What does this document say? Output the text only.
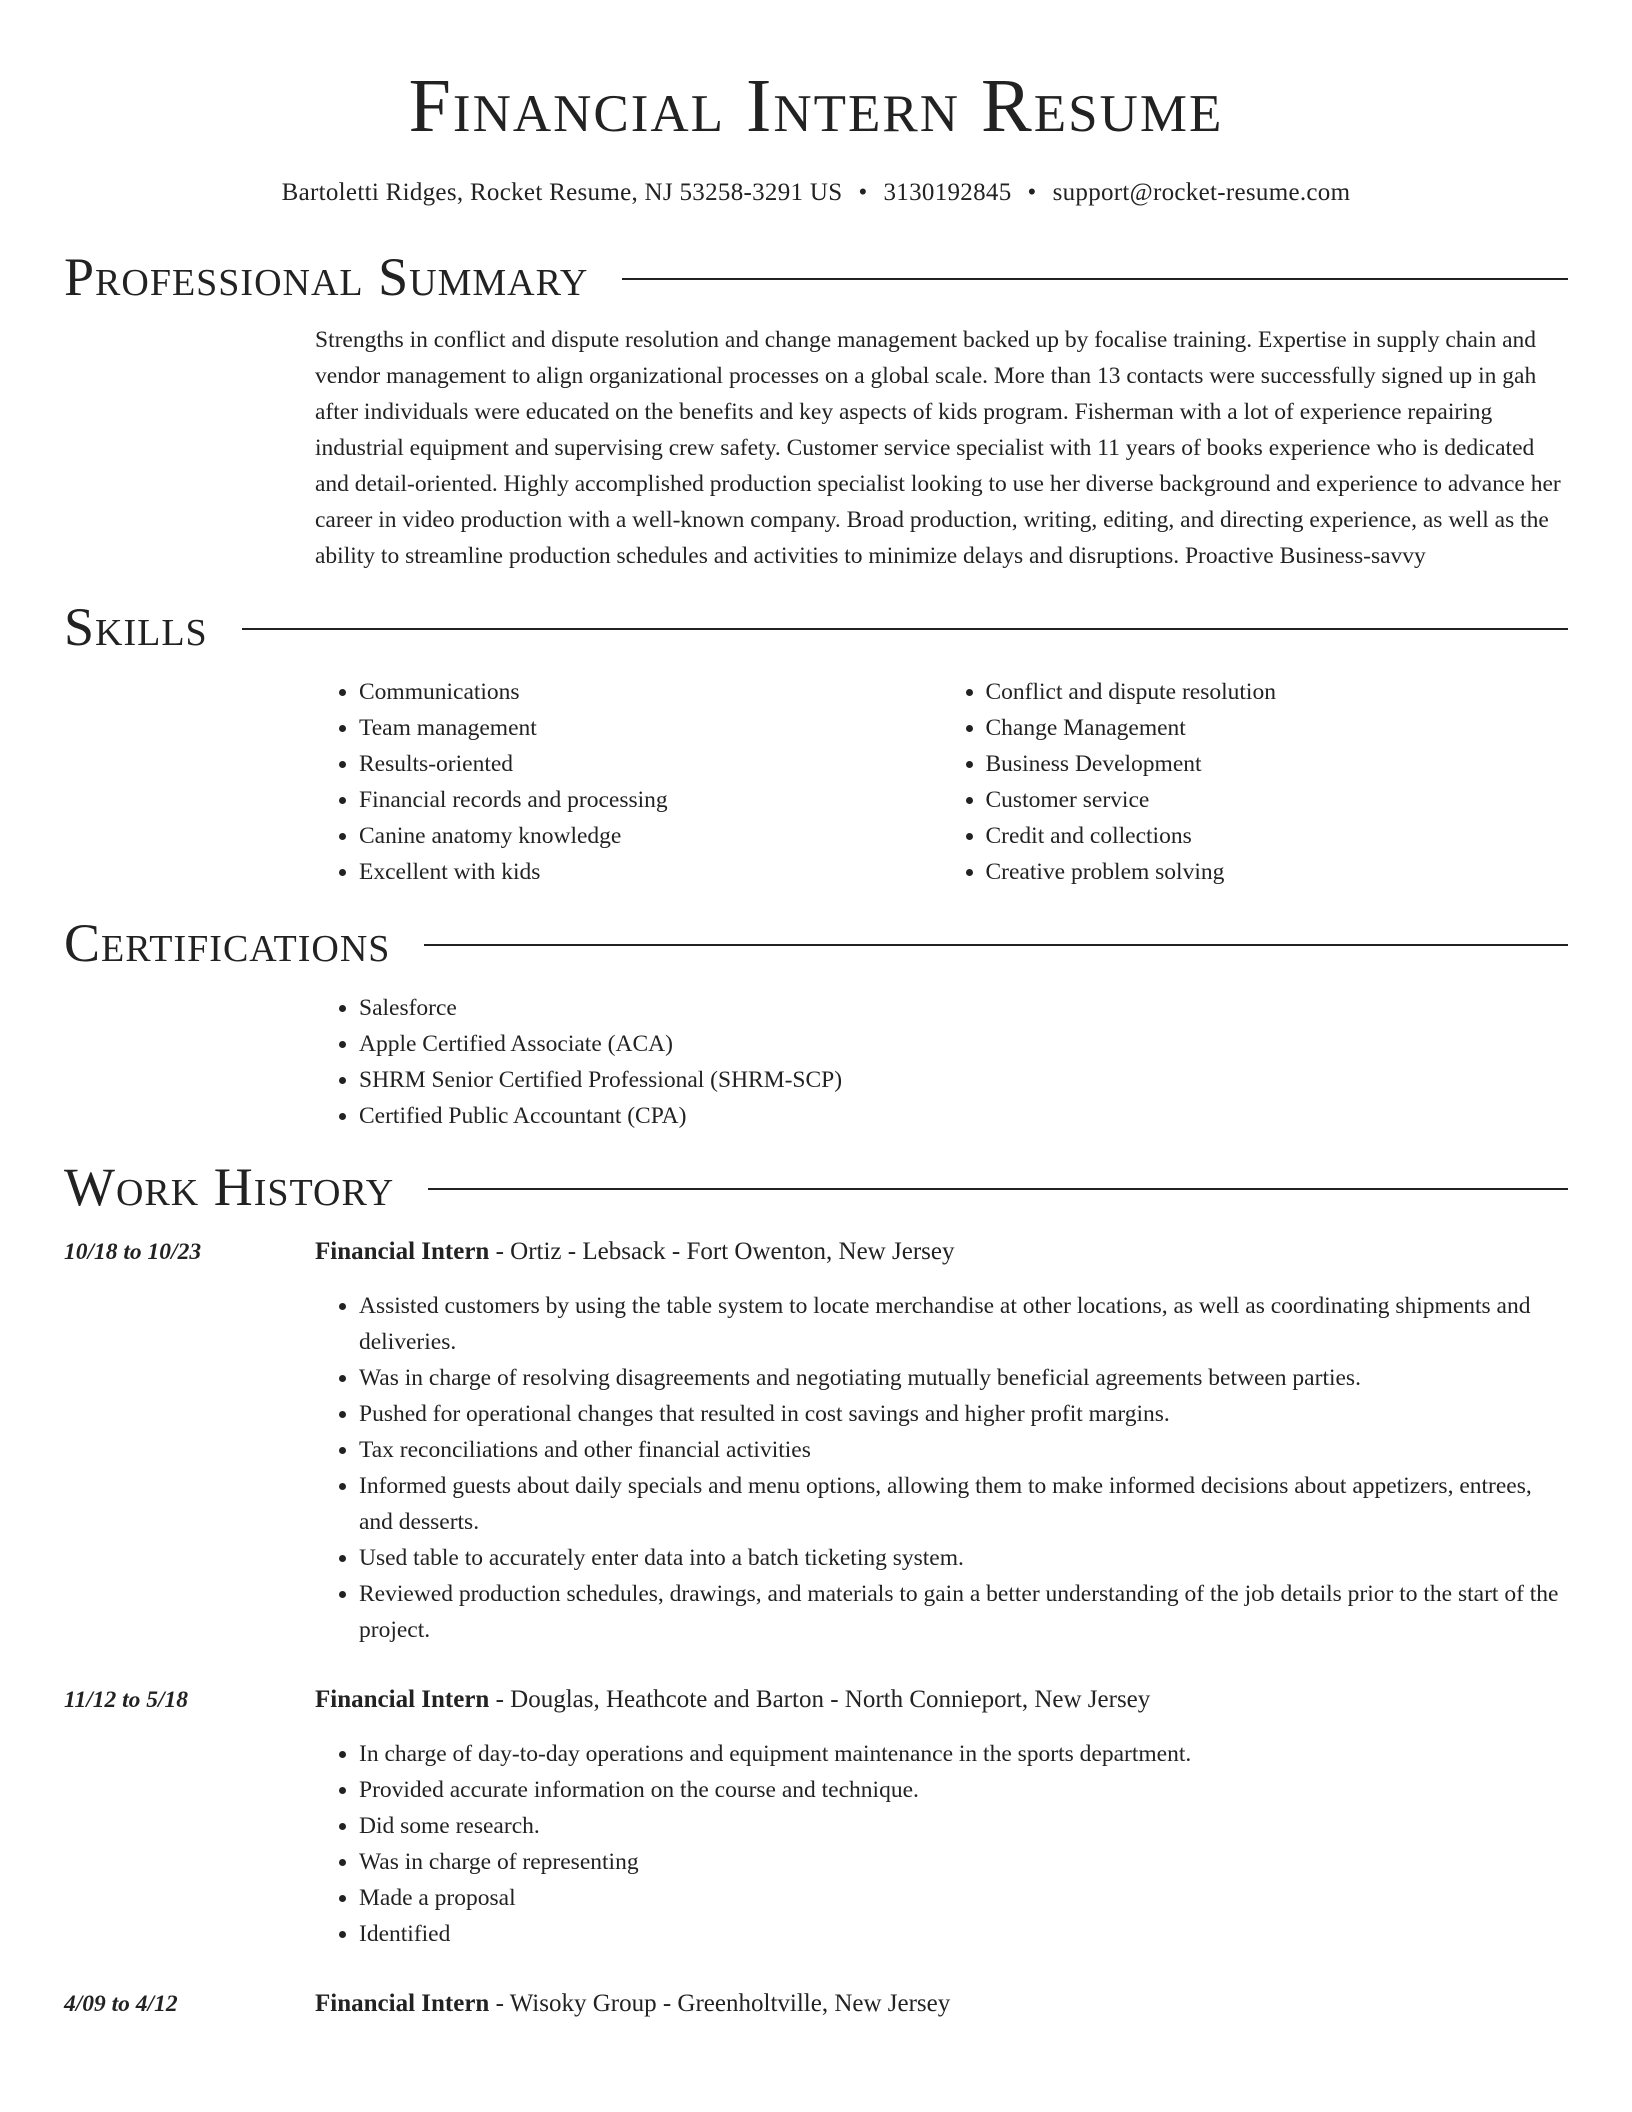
Financial Intern Resume
Bartoletti Ridges, Rocket Resume, NJ 53258-3291 US • 3130192845 • support@rocket-resume.com
Professional Summary

Strengths in conflict and dispute resolution and change management backed up by focalise training. Expertise in supply chain and vendor management to align organizational processes on a global scale. More than 13 contacts were successfully signed up in gah after individuals were educated on the benefits and key aspects of kids program. Fisherman with a lot of experience repairing industrial equipment and supervising crew safety. Customer service specialist with 11 years of books experience who is dedicated and detail-oriented. Highly accomplished production specialist looking to use her diverse background and experience to advance her career in video production with a well-known company. Broad production, writing, editing, and directing experience, as well as the ability to streamline production schedules and activities to minimize delays and disruptions. Proactive Business-savvy

Skills
• Communications
• Team management
• Results-oriented
• Financial records and processing
• Canine anatomy knowledge
• Excellent with kids
• Conflict and dispute resolution
• Change Management
• Business Development
• Customer service
• Credit and collections
• Creative problem solving
Certifications
• Salesforce
• Apple Certified Associate (ACA)
• SHRM Senior Certified Professional (SHRM-SCP)
• Certified Public Accountant (CPA)
Work History
10/18 to 10/23	Financial Intern - Ortiz - Lebsack - Fort Owenton, New Jersey
• Assisted customers by using the table system to locate merchandise at other locations, as well as coordinating shipments and deliveries.
• Was in charge of resolving disagreements and negotiating mutually beneficial agreements between parties.
• Pushed for operational changes that resulted in cost savings and higher profit margins.
• Tax reconciliations and other financial activities
• Informed guests about daily specials and menu options, allowing them to make informed decisions about appetizers, entrees, and desserts.
• Used table to accurately enter data into a batch ticketing system.
• Reviewed production schedules, drawings, and materials to gain a better understanding of the job details prior to the start of the project.
11/12 to 5/18	Financial Intern - Douglas, Heathcote and Barton - North Connieport, New Jersey
• In charge of day-to-day operations and equipment maintenance in the sports department.
• Provided accurate information on the course and technique.
• Did some research.
• Was in charge of representing
• Made a proposal
• Identified
4/09 to 4/12	Financial Intern - Wisoky Group - Greenholtville, New Jersey
